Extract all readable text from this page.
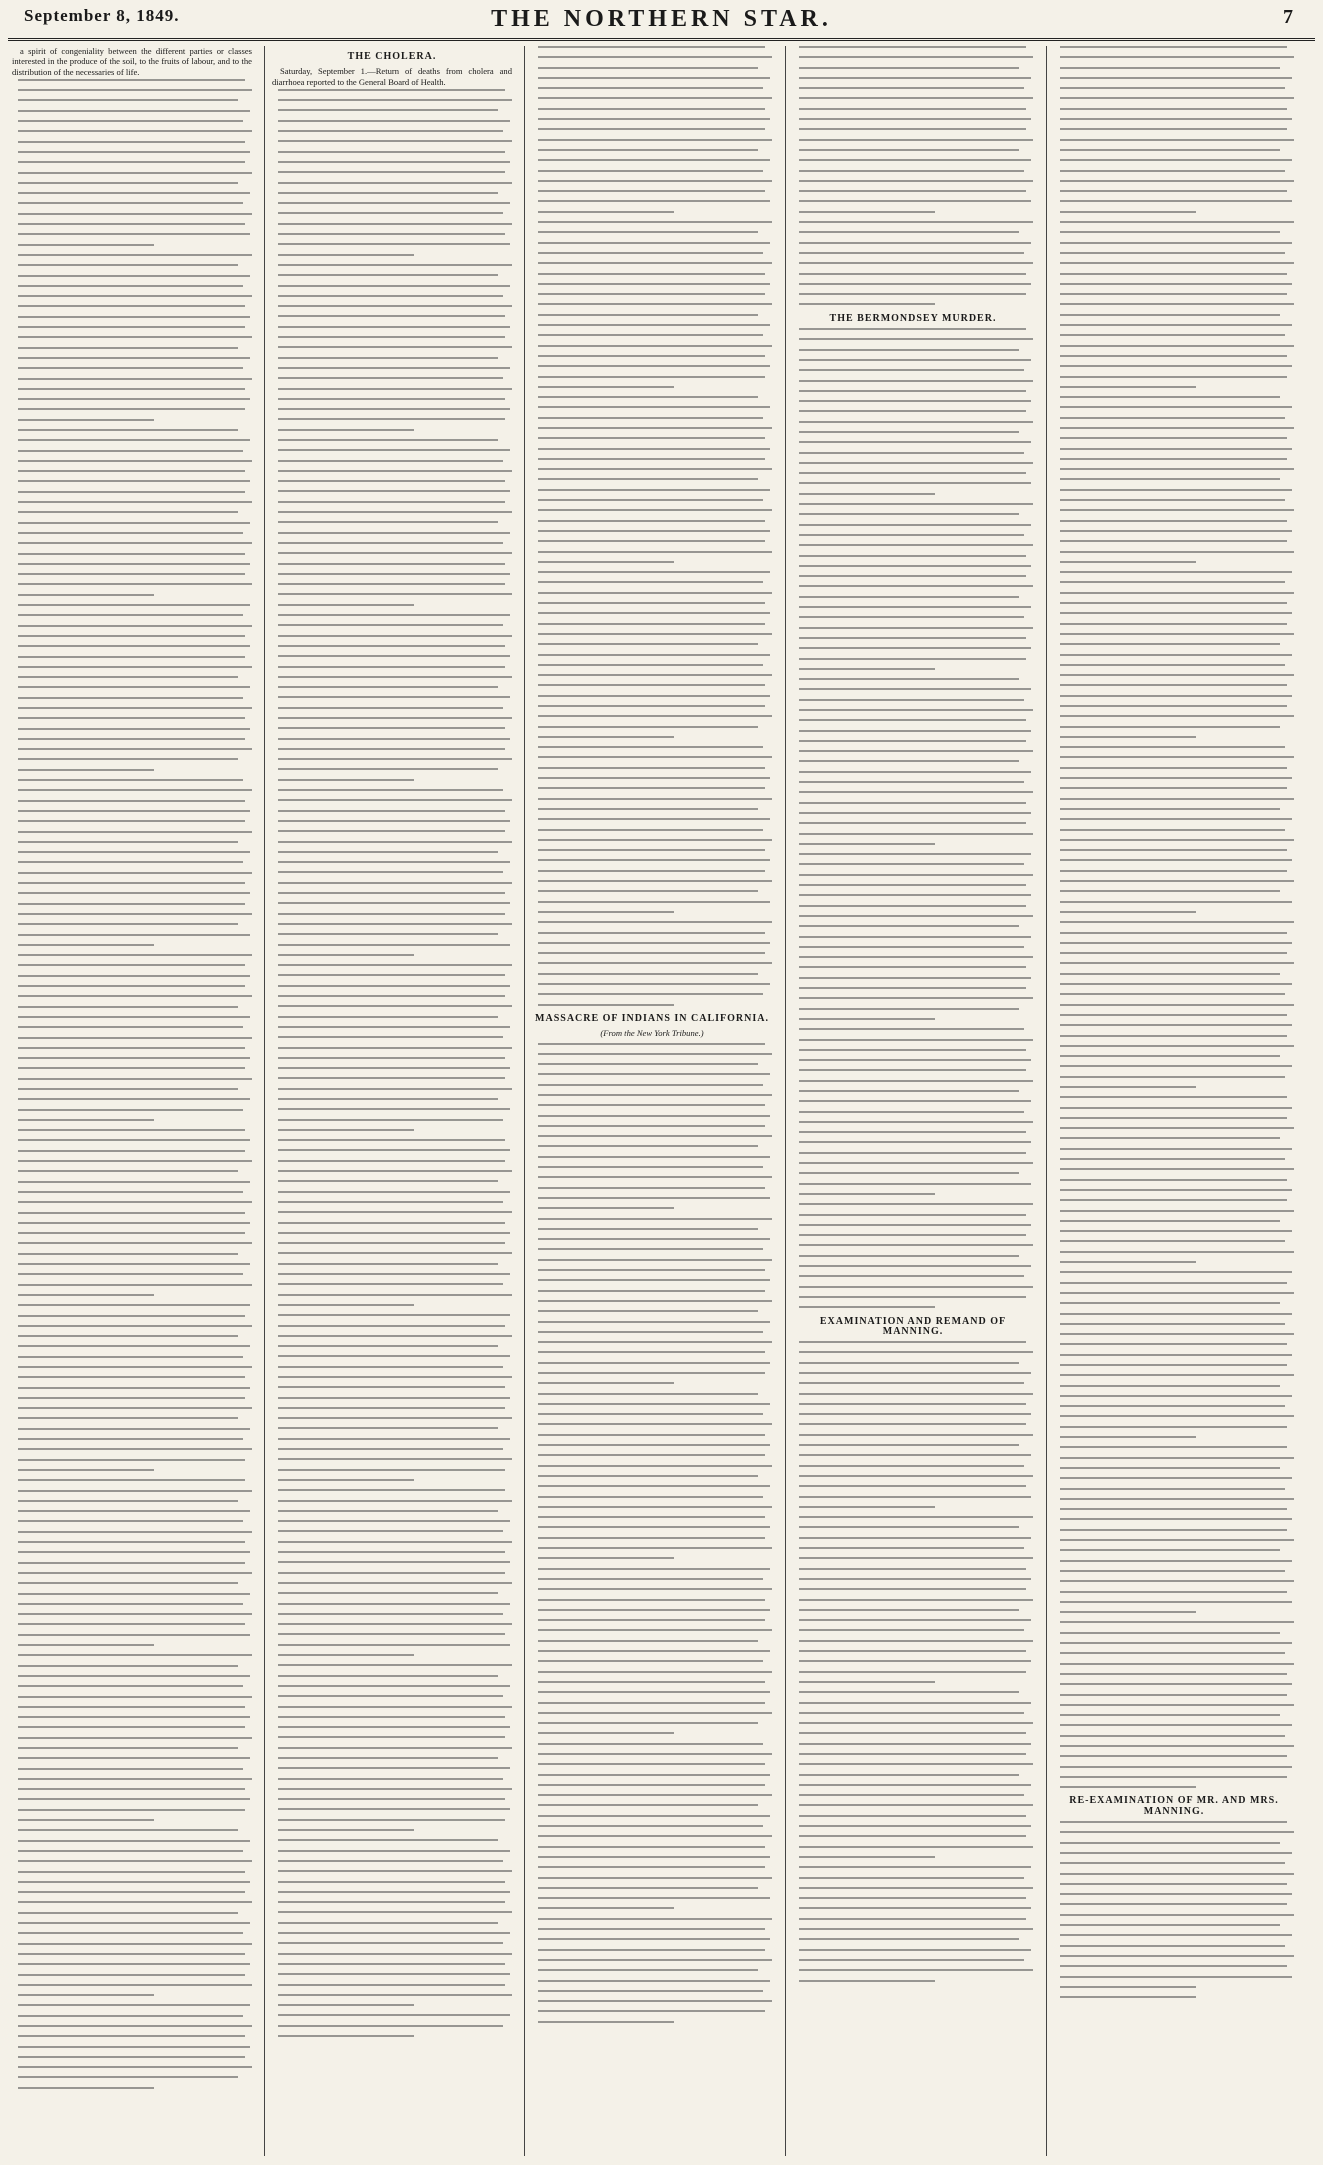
September 8, 1849.	THE NORTHERN STAR.	7

a spirit of congeniality between the different parties or classes interested in the produce of the soil, to the fruits of labour, and to the distribution of the necessaries of life.

THE CHOLERA.

Saturday, September 1.—Return of deaths from cholera and diarrhoea reported to the General Board of Health.

MASSACRE OF INDIANS IN CALIFORNIA.
(From the New York Tribune.)
THE BERMONDSEY MURDER.
EXAMINATION AND REMAND OF MANNING.
RE-EXAMINATION OF MR. AND MRS. MANNING.
